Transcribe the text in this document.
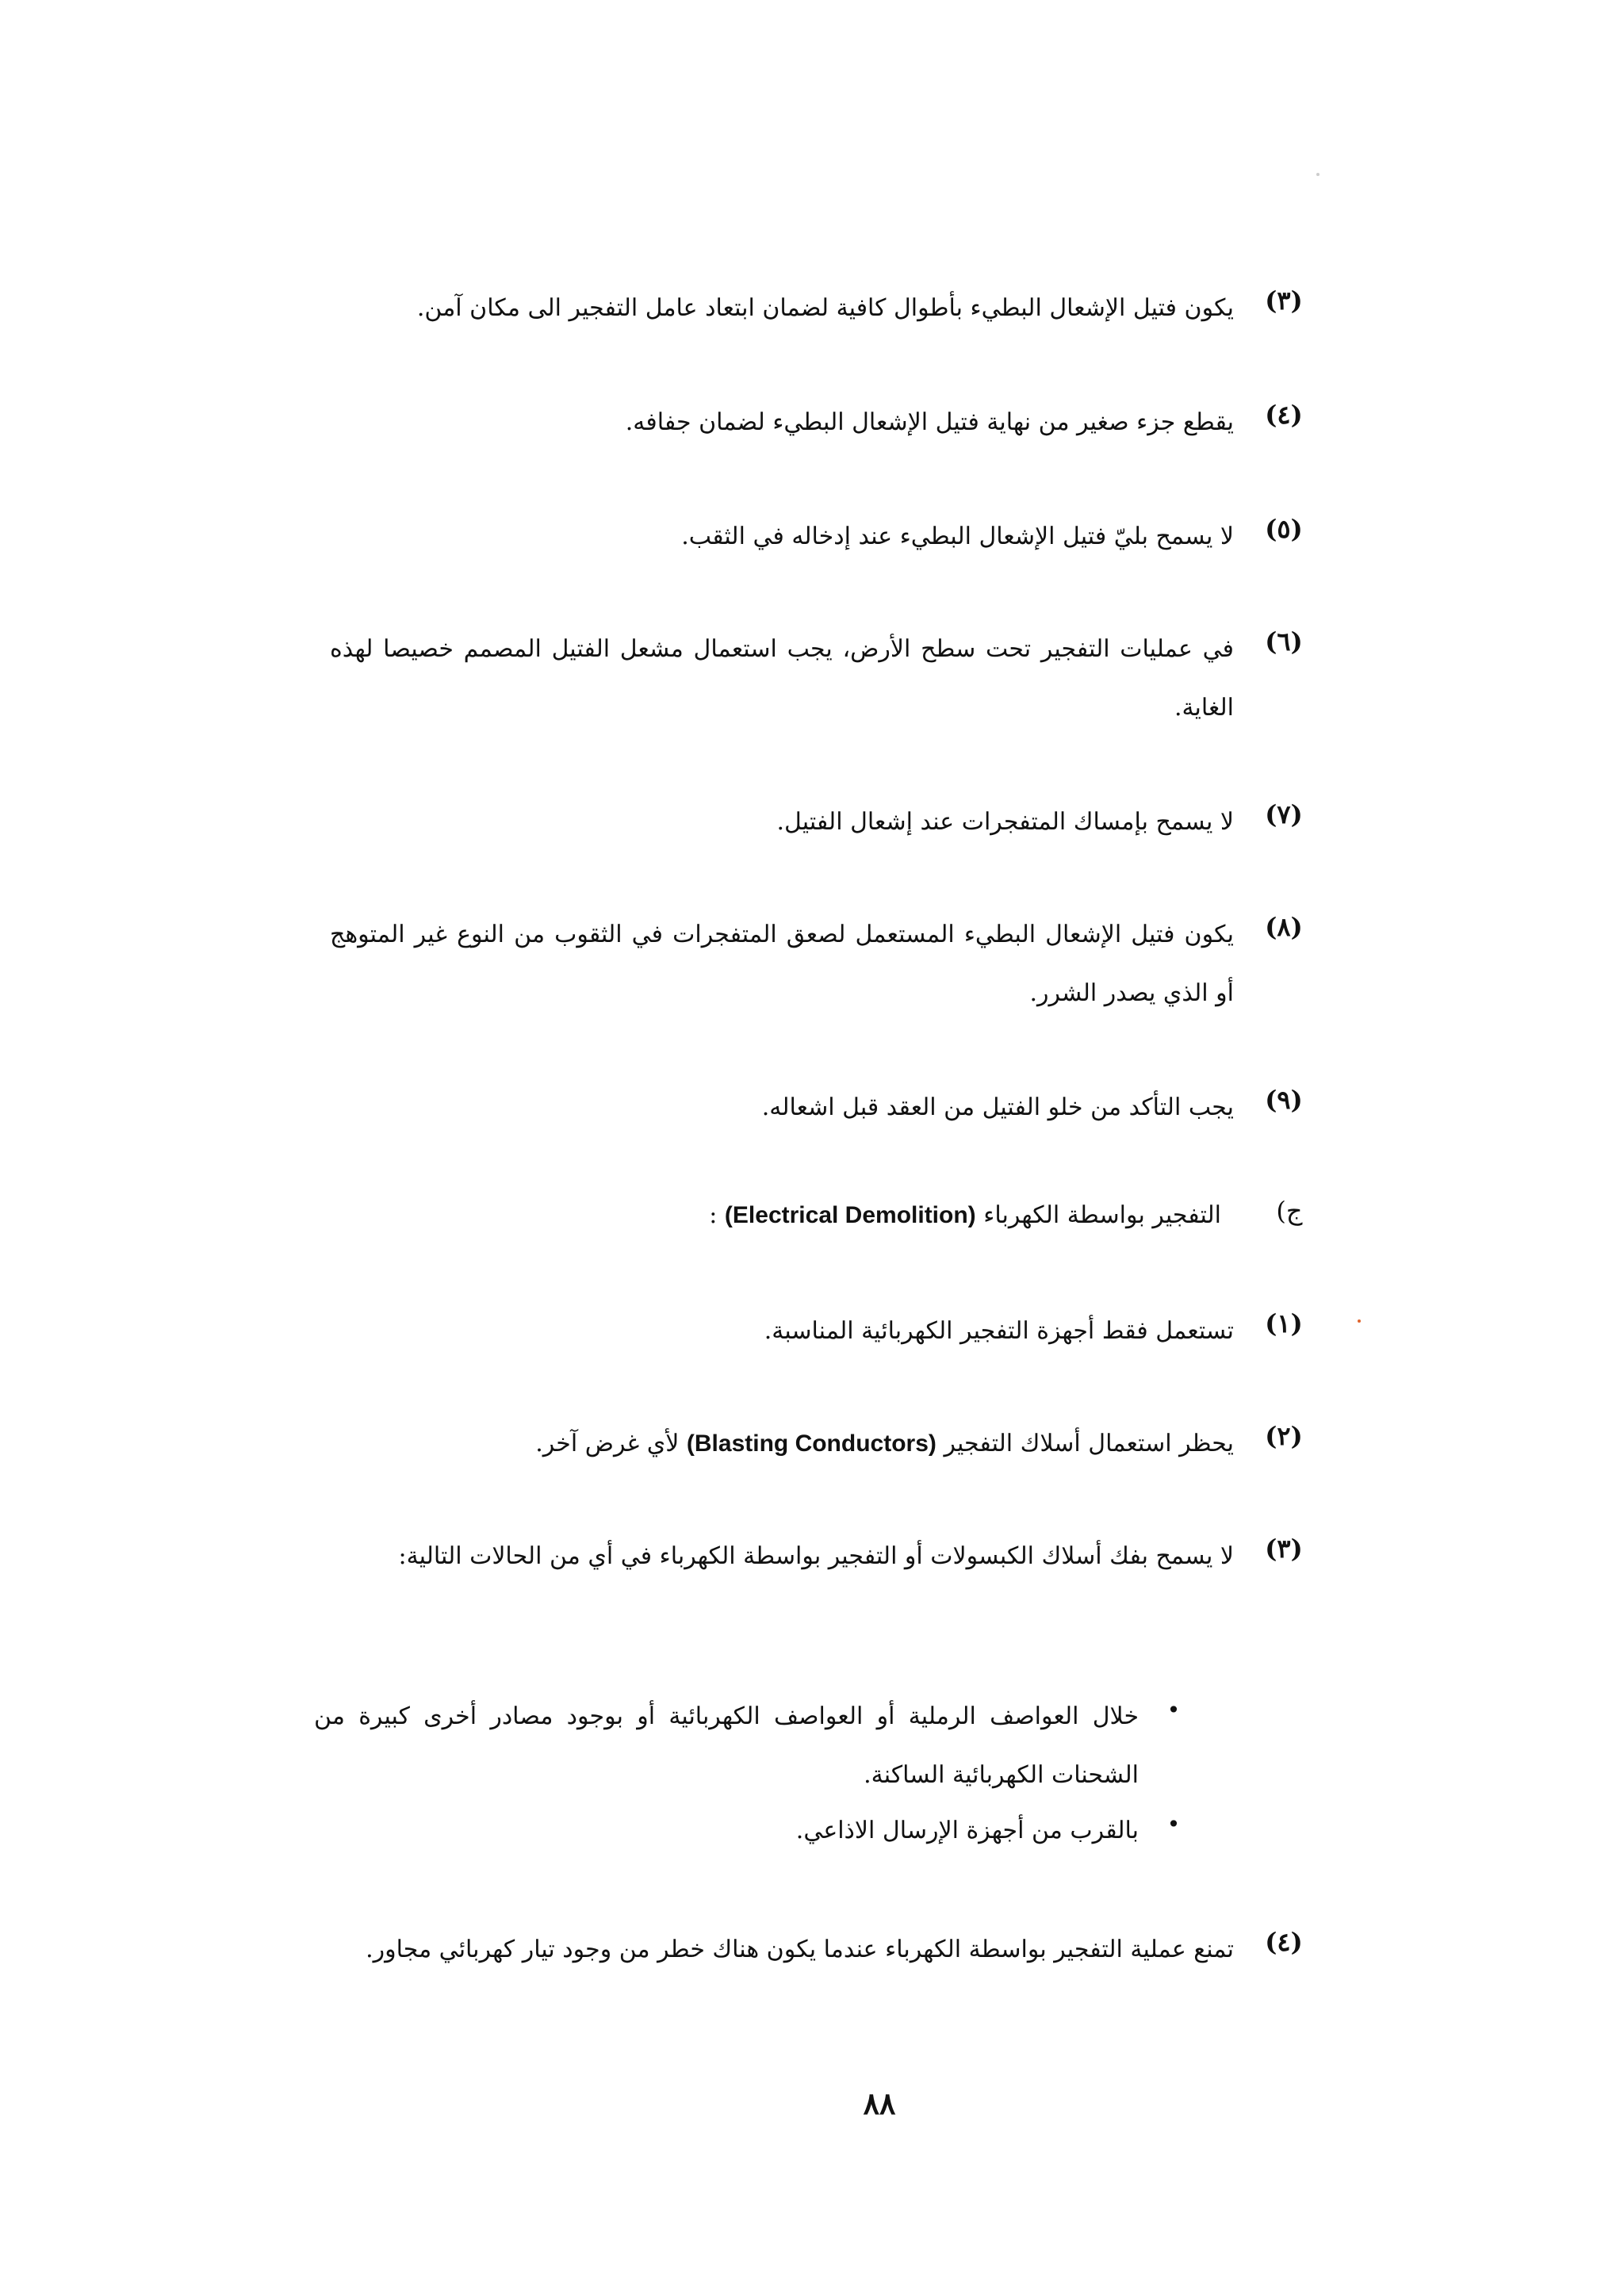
(٣)
يكون فتيل الإشعال البطيء بأطوال كافية لضمان ابتعاد عامل التفجير الى مكان آمن.
(٤)
يقطع جزء صغير من نهاية فتيل الإشعال البطيء لضمان جفافه.
(٥)
لا يسمح بليّ فتيل الإشعال البطيء عند إدخاله في الثقب.
(٦)
في عمليات التفجير تحت سطح الأرض، يجب استعمال مشعل الفتيل المصمم خصيصا لهذه الغاية.
(٧)
لا يسمح بإمساك المتفجرات عند إشعال الفتيل.
(٨)
يكون فتيل الإشعال البطيء المستعمل لصعق المتفجرات في الثقوب من النوع غير المتوهج أو الذي يصدر الشرر.
(٩)
يجب التأكد من خلو الفتيل من العقد قبل اشعاله.
ج)
التفجير بواسطة الكهرباء (Electrical Demolition) :
(١)
تستعمل فقط أجهزة التفجير الكهربائية المناسبة.
(٢)
يحظر استعمال أسلاك التفجير (Blasting Conductors) لأي غرض آخر.
(٣)
لا يسمح بفك أسلاك الكبسولات أو التفجير بواسطة الكهرباء في أي من الحالات التالية:
•
خلال العواصف الرملية أو العواصف الكهربائية أو بوجود مصادر أخرى كبيرة من الشحنات الكهربائية الساكنة.
•
بالقرب من أجهزة الإرسال الاذاعي.
(٤)
تمنع عملية التفجير بواسطة الكهرباء عندما يكون هناك خطر من وجود تيار كهربائي مجاور.
٨٨
